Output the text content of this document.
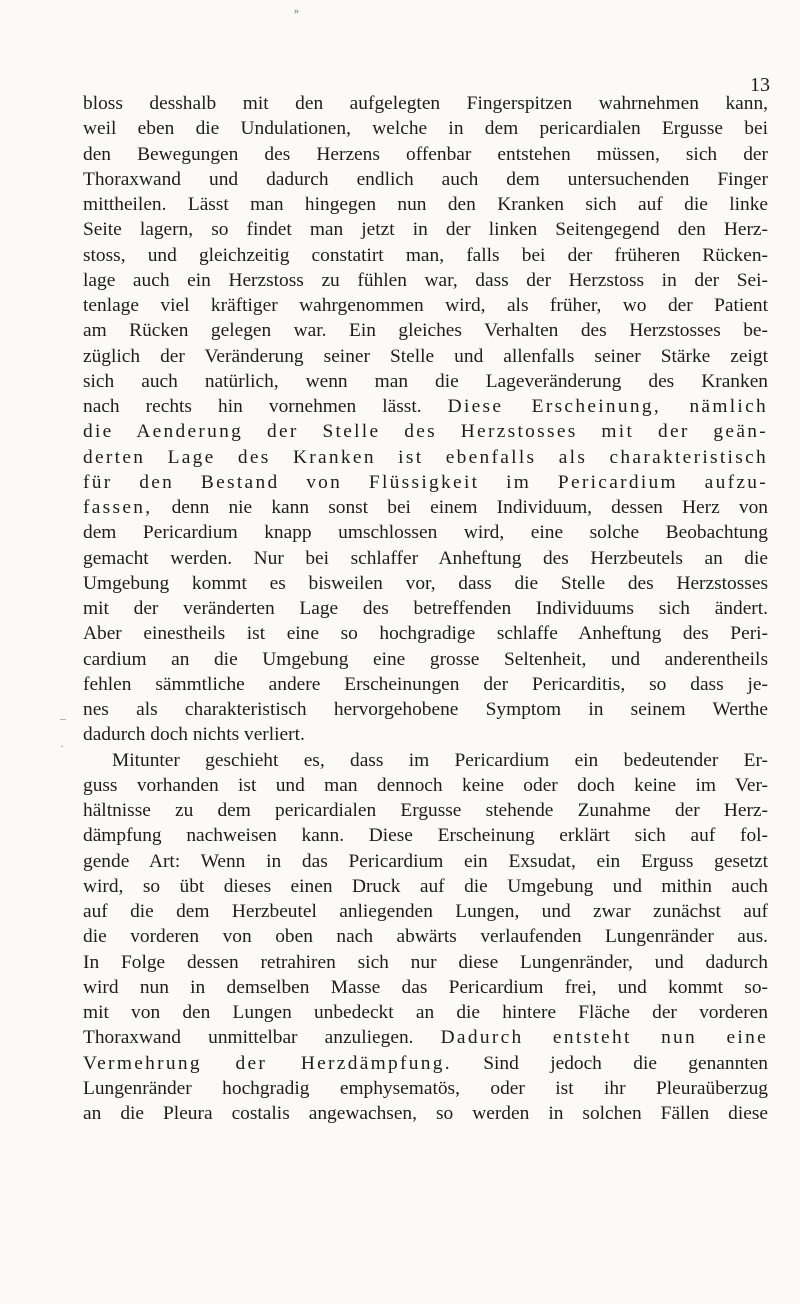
»
13
–
·
bloss desshalb mit den aufgelegten Fingerspitzen wahrnehmen kann,
weil eben die Undulationen, welche in dem pericardialen Ergusse bei
den Bewegungen des Herzens offenbar entstehen müssen, sich der
Thoraxwand und dadurch endlich auch dem untersuchenden Finger
mittheilen. Lässt man hingegen nun den Kranken sich auf die linke
Seite lagern, so findet man jetzt in der linken Seitengegend den Herz-
stoss, und gleichzeitig constatirt man, falls bei der früheren Rücken-
lage auch ein Herzstoss zu fühlen war, dass der Herzstoss in der Sei-
tenlage viel kräftiger wahrgenommen wird, als früher, wo der Patient
am Rücken gelegen war. Ein gleiches Verhalten des Herzstosses be-
züglich der Veränderung seiner Stelle und allenfalls seiner Stärke zeigt
sich auch natürlich, wenn man die Lageveränderung des Kranken
nach rechts hin vornehmen lässt. Diese Erscheinung, nämlich
die Aenderung der Stelle des Herzstosses mit der geän-
derten Lage des Kranken ist ebenfalls als charakteristisch
für den Bestand von Flüssigkeit im Pericardium aufzu-
fassen, denn nie kann sonst bei einem Individuum, dessen Herz von
dem Pericardium knapp umschlossen wird, eine solche Beobachtung
gemacht werden. Nur bei schlaffer Anheftung des Herzbeutels an die
Umgebung kommt es bisweilen vor, dass die Stelle des Herzstosses
mit der veränderten Lage des betreffenden Individuums sich ändert.
Aber einestheils ist eine so hochgradige schlaffe Anheftung des Peri-
cardium an die Umgebung eine grosse Seltenheit, und anderentheils
fehlen sämmtliche andere Erscheinungen der Pericarditis, so dass je-
nes als charakteristisch hervorgehobene Symptom in seinem Werthe
dadurch doch nichts verliert.
Mitunter geschieht es, dass im Pericardium ein bedeutender Er-
guss vorhanden ist und man dennoch keine oder doch keine im Ver-
hältnisse zu dem pericardialen Ergusse stehende Zunahme der Herz-
dämpfung nachweisen kann. Diese Erscheinung erklärt sich auf fol-
gende Art: Wenn in das Pericardium ein Exsudat, ein Erguss gesetzt
wird, so übt dieses einen Druck auf die Umgebung und mithin auch
auf die dem Herzbeutel anliegenden Lungen, und zwar zunächst auf
die vorderen von oben nach abwärts verlaufenden Lungenränder aus.
In Folge dessen retrahiren sich nur diese Lungenränder, und dadurch
wird nun in demselben Masse das Pericardium frei, und kommt so-
mit von den Lungen unbedeckt an die hintere Fläche der vorderen
Thoraxwand unmittelbar anzuliegen. Dadurch entsteht nun eine
Vermehrung der Herzdämpfung. Sind jedoch die genannten
Lungenränder hochgradig emphysematös, oder ist ihr Pleuraüberzug
an die Pleura costalis angewachsen, so werden in solchen Fällen diese
